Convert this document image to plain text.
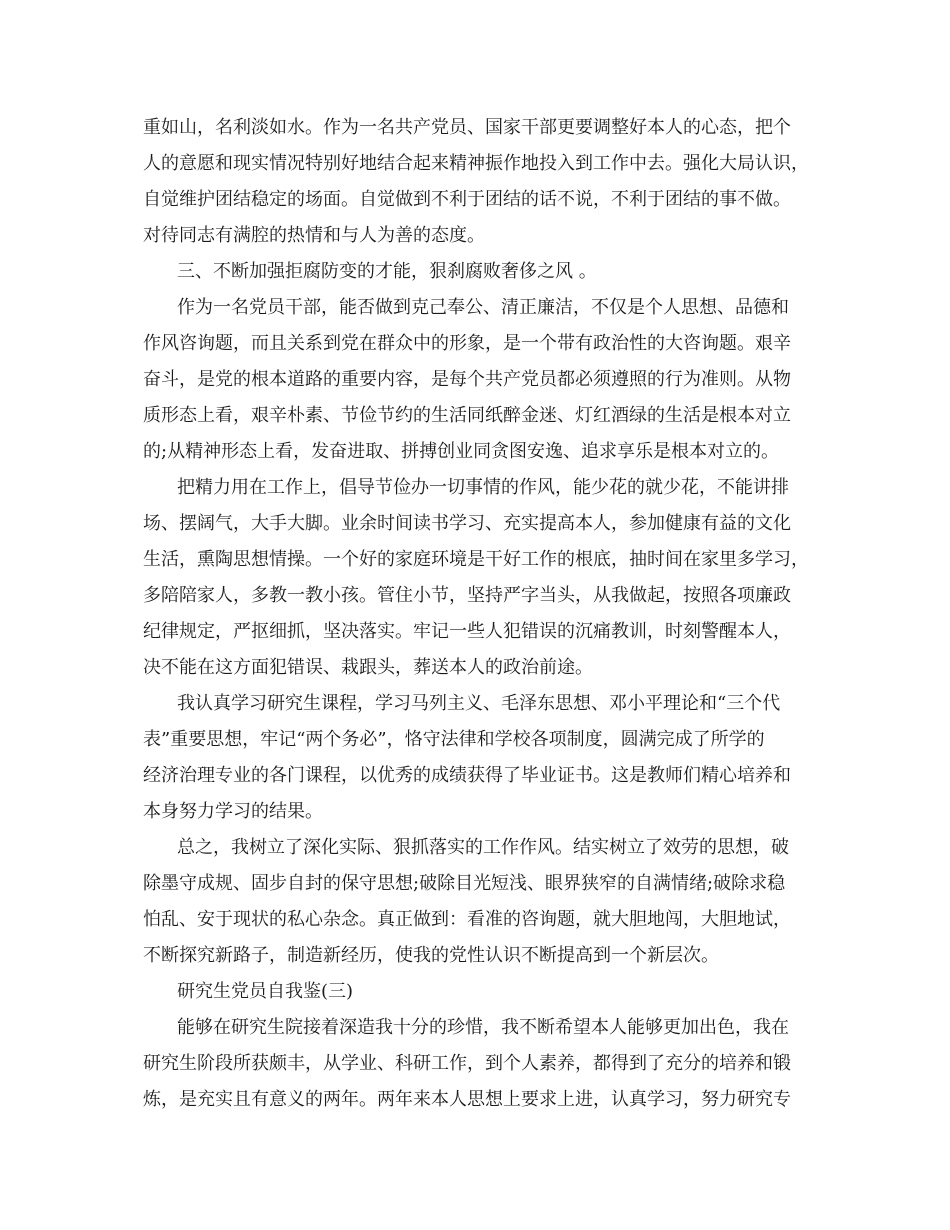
重如山，名利淡如水。作为一名共产党员、国家干部更要调整好本人的心态，把个

人的意愿和现实情况特别好地结合起来精神振作地投入到工作中去。强化大局认识，

自觉维护团结稳定的场面。自觉做到不利于团结的话不说，不利于团结的事不做。

对待同志有满腔的热情和与人为善的态度。

三、不断加强拒腐防变的才能，狠刹腐败奢侈之风 。

作为一名党员干部，能否做到克己奉公、清正廉洁，不仅是个人思想、品德和

作风咨询题，而且关系到党在群众中的形象，是一个带有政治性的大咨询题。艰辛

奋斗，是党的根本道路的重要内容，是每个共产党员都必须遵照的行为准则。从物

质形态上看，艰辛朴素、节俭节约的生活同纸醉金迷、灯红酒绿的生活是根本对立

的;从精神形态上看，发奋进取、拼搏创业同贪图安逸、追求享乐是根本对立的。

把精力用在工作上，倡导节俭办一切事情的作风，能少花的就少花，不能讲排

场、摆阔气，大手大脚。业余时间读书学习、充实提高本人，参加健康有益的文化

生活，熏陶思想情操。一个好的家庭环境是干好工作的根底，抽时间在家里多学习，

多陪陪家人，多教一教小孩。管住小节，坚持严字当头，从我做起，按照各项廉政

纪律规定，严抠细抓，坚决落实。牢记一些人犯错误的沉痛教训，时刻警醒本人，

决不能在这方面犯错误、栽跟头，葬送本人的政治前途。

我认真学习研究生课程，学习马列主义、毛泽东思想、邓小平理论和“三个代

表”重要思想，牢记“两个务必”，恪守法律和学校各项制度，圆满完成了所学的

经济治理专业的各门课程，以优秀的成绩获得了毕业证书。这是教师们精心培养和

本身努力学习的结果。

总之，我树立了深化实际、狠抓落实的工作作风。结实树立了效劳的思想，破

除墨守成规、固步自封的保守思想;破除目光短浅、眼界狭窄的自满情绪;破除求稳

怕乱、安于现状的私心杂念。真正做到：看准的咨询题，就大胆地闯，大胆地试，

不断探究新路子，制造新经历，使我的党性认识不断提高到一个新层次。

研究生党员自我鉴(三)

能够在研究生院接着深造我十分的珍惜，我不断希望本人能够更加出色，我在

研究生阶段所获颇丰，从学业、科研工作，到个人素养，都得到了充分的培养和锻

炼，是充实且有意义的两年。两年来本人思想上要求上进，认真学习，努力研究专
